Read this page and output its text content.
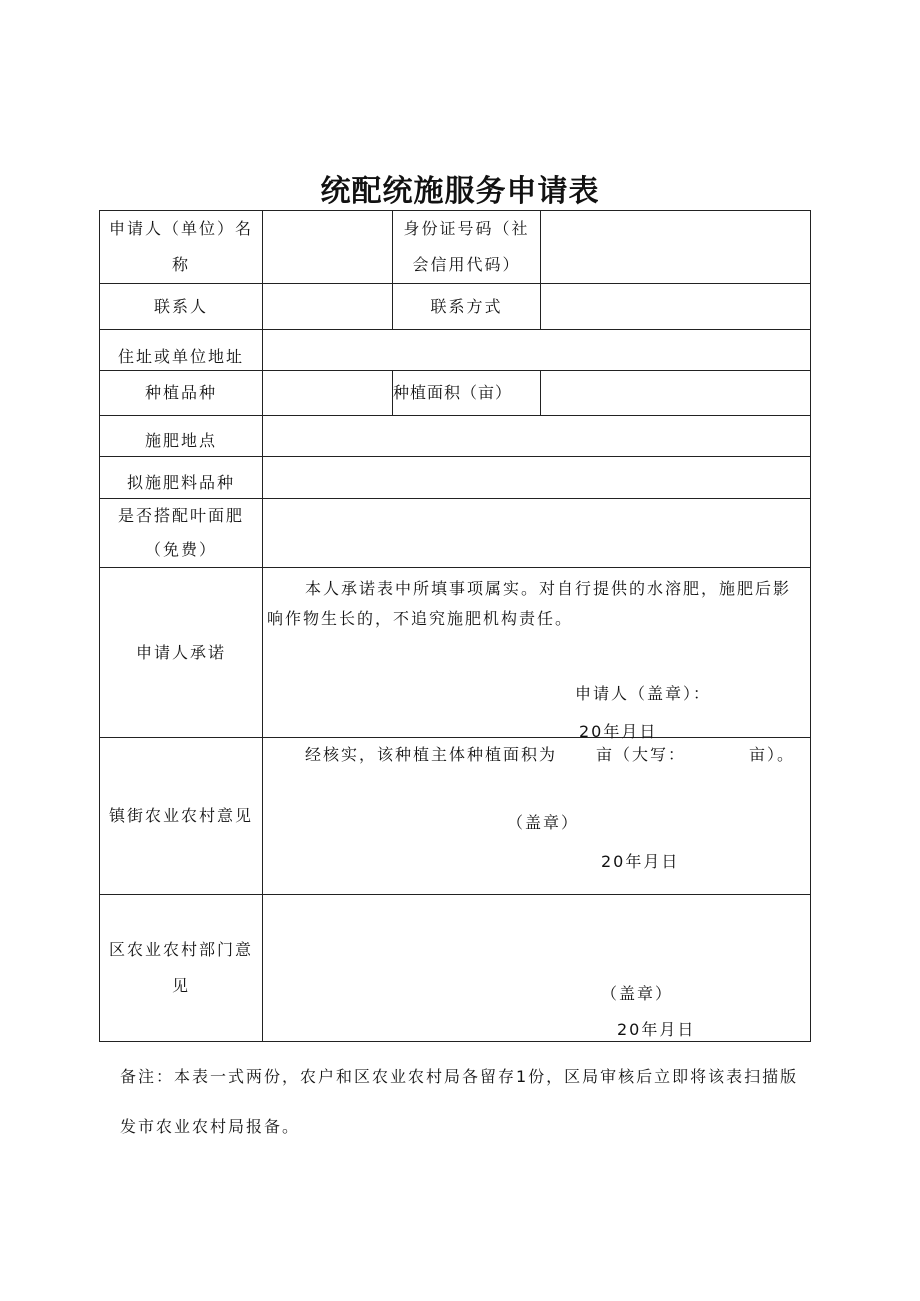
统配统施服务申请表
申请人（单位）名称		身份证号码（社会信用代码）	
联系人		联系方式	
住址或单位地址			
种植品种		种植面积（亩）	
施肥地点			
拟施肥料品种			
是否搭配叶面肥（免费）			
申请人承诺	本人承诺表中所填事项属实。对自行提供的水溶肥，施肥后影响作物生长的，不追究施肥机构责任。
申请人（盖章）：
20年月日		

镇街农业农村意见	经核实，该种植主体种植面积为 亩（大写： 亩）。
（盖章）
20年月日		

区农业农村部门意见	（盖章）
20年月日		
备注：本表一式两份，农户和区农业农村局各留存1份，区局审核后立即将该表扫描版发市农业农村局报备。
